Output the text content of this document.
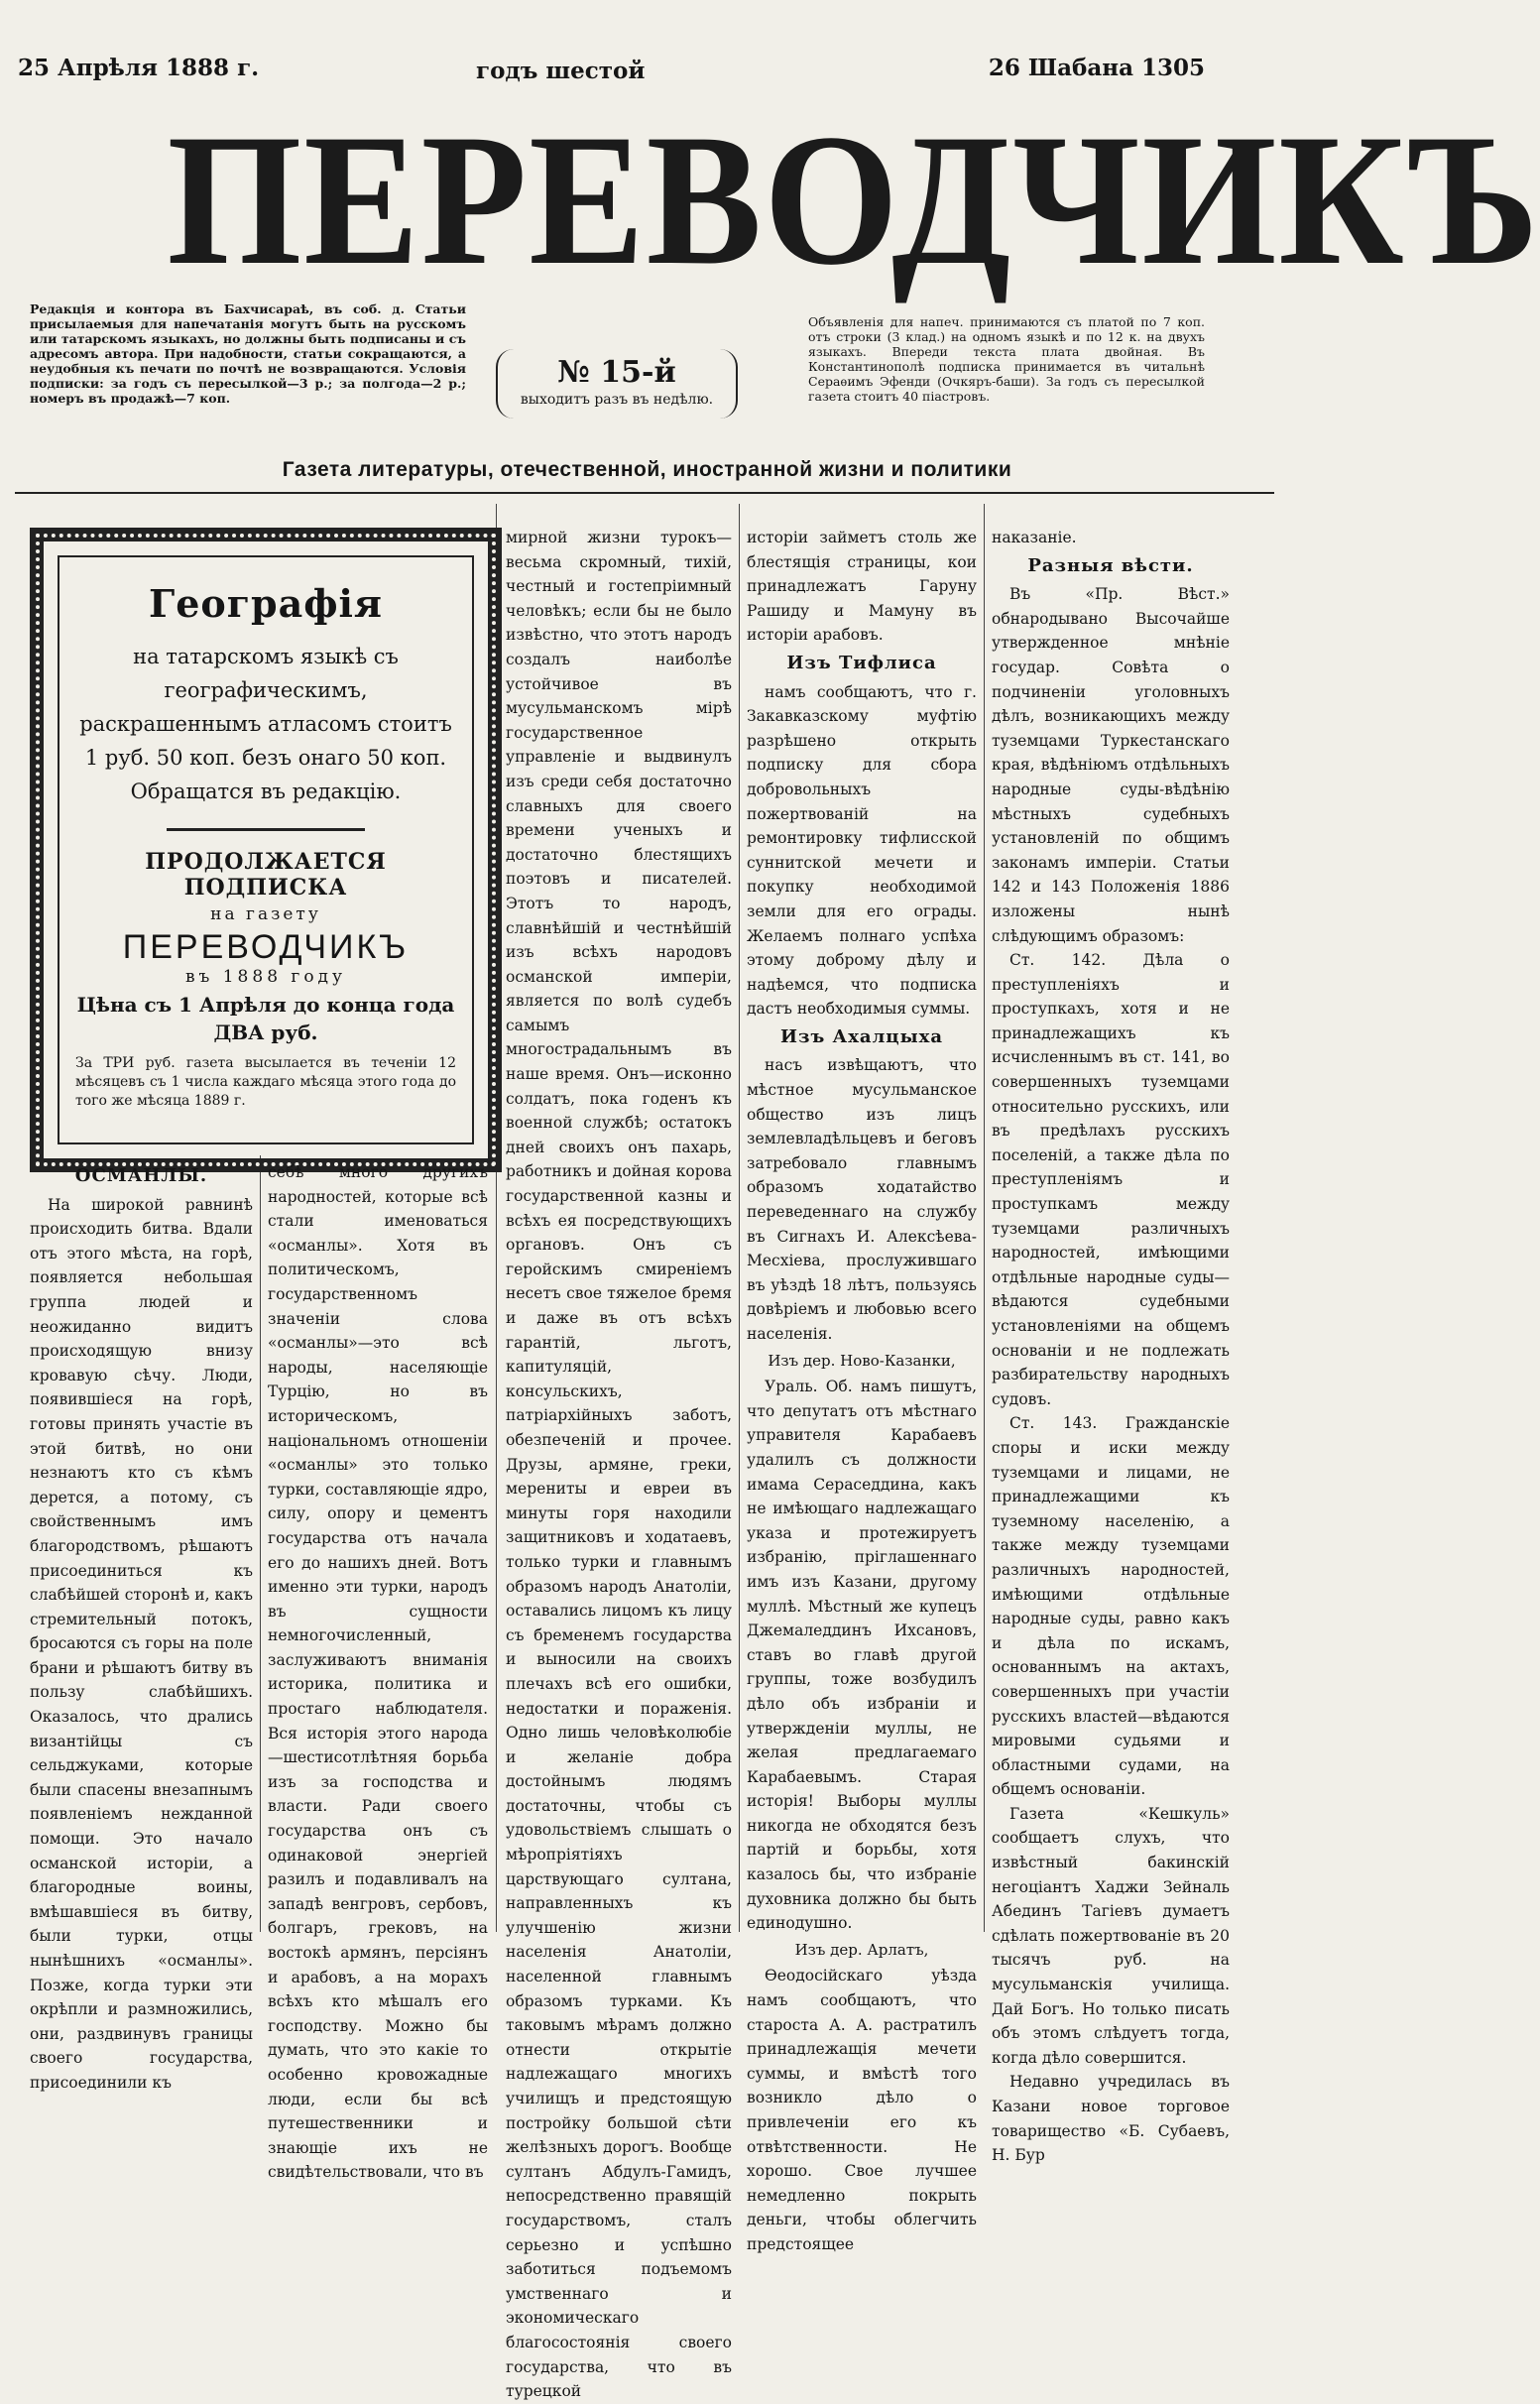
25 Апрѣля 1888 г.	годъ шестой	26 Шабана 1305
ПЕРЕВОДЧИКЪ
Редакція и контора въ Бахчисараѣ, въ соб. д. Статьи присылаемыя для напечатанія могутъ быть на русскомъ или татарскомъ языкахъ, но должны быть подписаны и съ адресомъ автора. При надобности, статьи сокращаются, а неудобныя къ печати по почтѣ не возвращаются. Условія подписки: за годъ съ пересылкой—3 р.; за полгода—2 р.; номеръ въ продажѣ—7 коп.
Объявленія для напеч. принимаются съ платой по 7 коп. отъ строки (3 клад.) на одномъ языкѣ и по 12 к. на двухъ языкахъ. Впереди текста плата двойная. Въ Константинополѣ подписка принимается въ читальнѣ Сераѳимъ Эфенди (Очкяръ-баши). За годъ съ пересылкой газета стоитъ 40 піастровъ.
№ 15-й
выходитъ разъ въ недѣлю.
Газета литературы, отечественной, иностранной жизни и политики
Географія
на татарскомъ языкѣ съ географическимъ, раскрашеннымъ атласомъ стоитъ 1 руб. 50 коп. безъ онаго 50 коп. Обращатся въ редакцію.
ПРОДОЛЖАЕТСЯ ПОДПИСКА
на газету
ПЕРЕВОДЧИКЪ
въ 1888 году
Цѣна съ 1 Апрѣля до конца года ДВА руб.
За ТРИ руб. газета высылается въ теченіи 12 мѣсяцевъ съ 1 числа каждаго мѣсяца этого года до того же мѣсяца 1889 г.
ОСМАНЛЫ.

На широкой равнинѣ происходить битва. Вдали отъ этого мѣста, на горѣ, появляется небольшая группа людей и неожиданно видитъ происходящую внизу кровавую сѣчу. Люди, появившіеся на горѣ, готовы принять участіе въ этой битвѣ, но они незнаютъ кто съ кѣмъ дерется, а потому, съ свойственнымъ имъ благородствомъ, рѣшаютъ присоединиться къ слабѣйшей сторонѣ и, какъ стремительный потокъ, бросаются съ горы на поле брани и рѣшаютъ битву въ пользу слабѣйшихъ. Оказалось, что дрались византійцы съ сельджуками, которые были спасены внезапнымъ появленіемъ нежданной помощи. Это начало османской исторіи, а благородные воины, вмѣшавшіеся въ битву, были турки, отцы нынѣшнихъ «османлы». Позже, когда турки эти окрѣпли и размножились, они, раздвинувъ границы своего государства, присоединили къ

себѣ много другихъ народностей, которые всѣ стали именоваться «османлы». Хотя въ политическомъ, государственномъ значеніи слова «османлы»—это всѣ народы, населяющіе Турцію, но въ историческомъ, національномъ отношеніи «османлы» это только турки, составляющіе ядро, силу, опору и цементъ государства отъ начала его до нашихъ дней. Вотъ именно эти турки, народъ въ сущности немногочисленный, заслуживаютъ вниманія историка, политика и простаго наблюдателя. Вся исторія этого народа—шестисотлѣтняя борьба изъ за господства и власти. Ради своего государства онъ съ одинаковой энергіей разилъ и подавливалъ на западѣ венгровъ, сербовъ, болгаръ, грековъ, на востокѣ армянъ, персіянъ и арабовъ, а на морахъ всѣхъ кто мѣшалъ его господству. Можно бы думать, что это какіе то особенно кровожадные люди, если бы всѣ путешественники и знающіе ихъ не свидѣтельствовали, что въ

мирной жизни турокъ—весьма скромный, тихій, честный и гостепріимный человѣкъ; если бы не было извѣстно, что этотъ народъ создалъ наиболѣе устойчивое въ мусульманскомъ мірѣ государственное управленіе и выдвинулъ изъ среди себя достаточно славныхъ для своего времени ученыхъ и достаточно блестящихъ поэтовъ и писателей. Этотъ то народъ, славнѣйшій и честнѣйшій изъ всѣхъ народовъ османской имперіи, является по волѣ судебъ самымъ многострадальнымъ въ наше время. Онъ—исконно солдатъ, пока годенъ къ военной службѣ; остатокъ дней своихъ онъ пахарь, работникъ и дойная корова государственной казны и всѣхъ ея посредствующихъ органовъ. Онъ съ геройскимъ смиреніемъ несетъ свое тяжелое бремя и даже въ отъ всѣхъ гарантій, льготъ, капитуляцій, консульскихъ, патріархійныхъ заботъ, обезпеченій и прочее. Друзы, армяне, греки, мерениты и евреи въ минуты горя находили защитниковъ и ходатаевъ, только турки и главнымъ образомъ народъ Анатоліи, оставались лицомъ къ лицу съ бременемъ государства и выносили на своихъ плечахъ всѣ его ошибки, недостатки и пораженія. Одно лишь человѣколюбіе и желаніе добра достойнымъ людямъ достаточны, чтобы съ удовольствіемъ слышать о мѣропріятіяхъ царствующаго султана, направленныхъ къ улучшенію жизни населенія Анатоліи, населенной главнымъ образомъ турками. Къ таковымъ мѣрамъ должно отнести открытіе надлежащаго многихъ училищъ и предстоящую постройку большой сѣти желѣзныхъ дорогъ. Вообще султанъ Абдулъ-Гамидъ, непосредственно правящій государствомъ, сталъ серьезно и успѣшно заботиться подъемомъ умственнаго и экономическаго благосостоянія своего государства, что въ турецкой

исторіи займетъ столь же блестящія страницы, кои принадлежатъ Гаруну Рашиду и Мамуну въ исторіи арабовъ.

Изъ Тифлиса

намъ сообщаютъ, что г. Закавказскому муфтію разрѣшено открыть подписку для сбора добровольныхъ пожертвованій на ремонтировку тифлисской суннитской мечети и покупку необходимой земли для его ограды. Желаемъ полнаго успѣха этому доброму дѣлу и надѣемся, что подписка дастъ необходимыя суммы.

Изъ Ахалцыха

насъ извѣщаютъ, что мѣстное мусульманское общество изъ лицъ землевладѣльцевъ и беговъ затребовало главнымъ образомъ ходатайство переведеннаго на службу въ Сигнахъ И. Алексѣева-Месхіева, прослужившаго въ уѣздѣ 18 лѣтъ, пользуясь довѣріемъ и любовью всего населенія.

Изъ дер. Ново-Казанки,

Ураль. Об. намъ пишутъ, что депутатъ отъ мѣстнаго управителя Карабаевъ удалилъ съ должности имама Сераседдина, какъ не имѣющаго надлежащаго указа и протежируетъ избранію, пріглашеннаго имъ изъ Казани, другому муллѣ. Мѣстный же купецъ Джемаледдинъ Ихсановъ, ставъ во главѣ другой группы, тоже возбудилъ дѣло объ избраніи и утвержденіи муллы, не желая предлагаемаго Карабаевымъ. Старая исторія! Выборы муллы никогда не обходятся безъ партій и борьбы, хотя казалось бы, что избраніе духовника должно бы быть единодушно.

Изъ дер. Арлатъ,

Ѳеодосійскаго уѣзда намъ сообщаютъ, что староста А. А. растратилъ принадлежащія мечети суммы, и вмѣстѣ того возникло дѣло о привлеченіи его къ отвѣтственности. Не хорошо. Свое лучшее немедленно покрыть деньги, чтобы облегчить предстоящее

наказаніе.

Разныя вѣсти.

Въ «Пр. Вѣст.» обнародывано Высочайше утвержденное мнѣніе государ. Совѣта о подчиненіи уголовныхъ дѣлъ, возникающихъ между туземцами Туркестанскаго края, вѣдѣніюмъ отдѣльныхъ народные суды-вѣдѣнію мѣстныхъ судебныхъ установленій по общимъ законамъ имперіи. Статьи 142 и 143 Положенія 1886 изложены нынѣ слѣдующимъ образомъ:

Ст. 142. Дѣла о преступленіяхъ и проступкахъ, хотя и не принадлежащихъ къ исчисленнымъ въ ст. 141, во совершенныхъ туземцами относительно русскихъ, или въ предѣлахъ русскихъ поселеній, а также дѣла по преступленіямъ и проступкамъ между туземцами различныхъ народностей, имѣющими отдѣльные народные суды—вѣдаются судебными установленіями на общемъ основаніи и не подлежать разбирательству народныхъ судовъ.

Ст. 143. Гражданскіе споры и иски между туземцами и лицами, не принадлежащими къ туземному населенію, а также между туземцами различныхъ народностей, имѣющими отдѣльные народные суды, равно какъ и дѣла по искамъ, основаннымъ на актахъ, совершенныхъ при участіи русскихъ властей—вѣдаются мировыми судьями и областными судами, на общемъ основаніи.

Газета «Кешкуль» сообщаетъ слухъ, что извѣстный бакинскій негоціантъ Хаджи Зейналь Абединъ Тагіевъ думаетъ сдѣлать пожертвованіе въ 20 тысячъ руб. на мусульманскія училища. Дай Богъ. Но только писать объ этомъ слѣдуетъ тогда, когда дѣло совершится.

Недавно учредилась въ Казани новое торговое товарищество «Б. Субаевъ, Н. Бур
